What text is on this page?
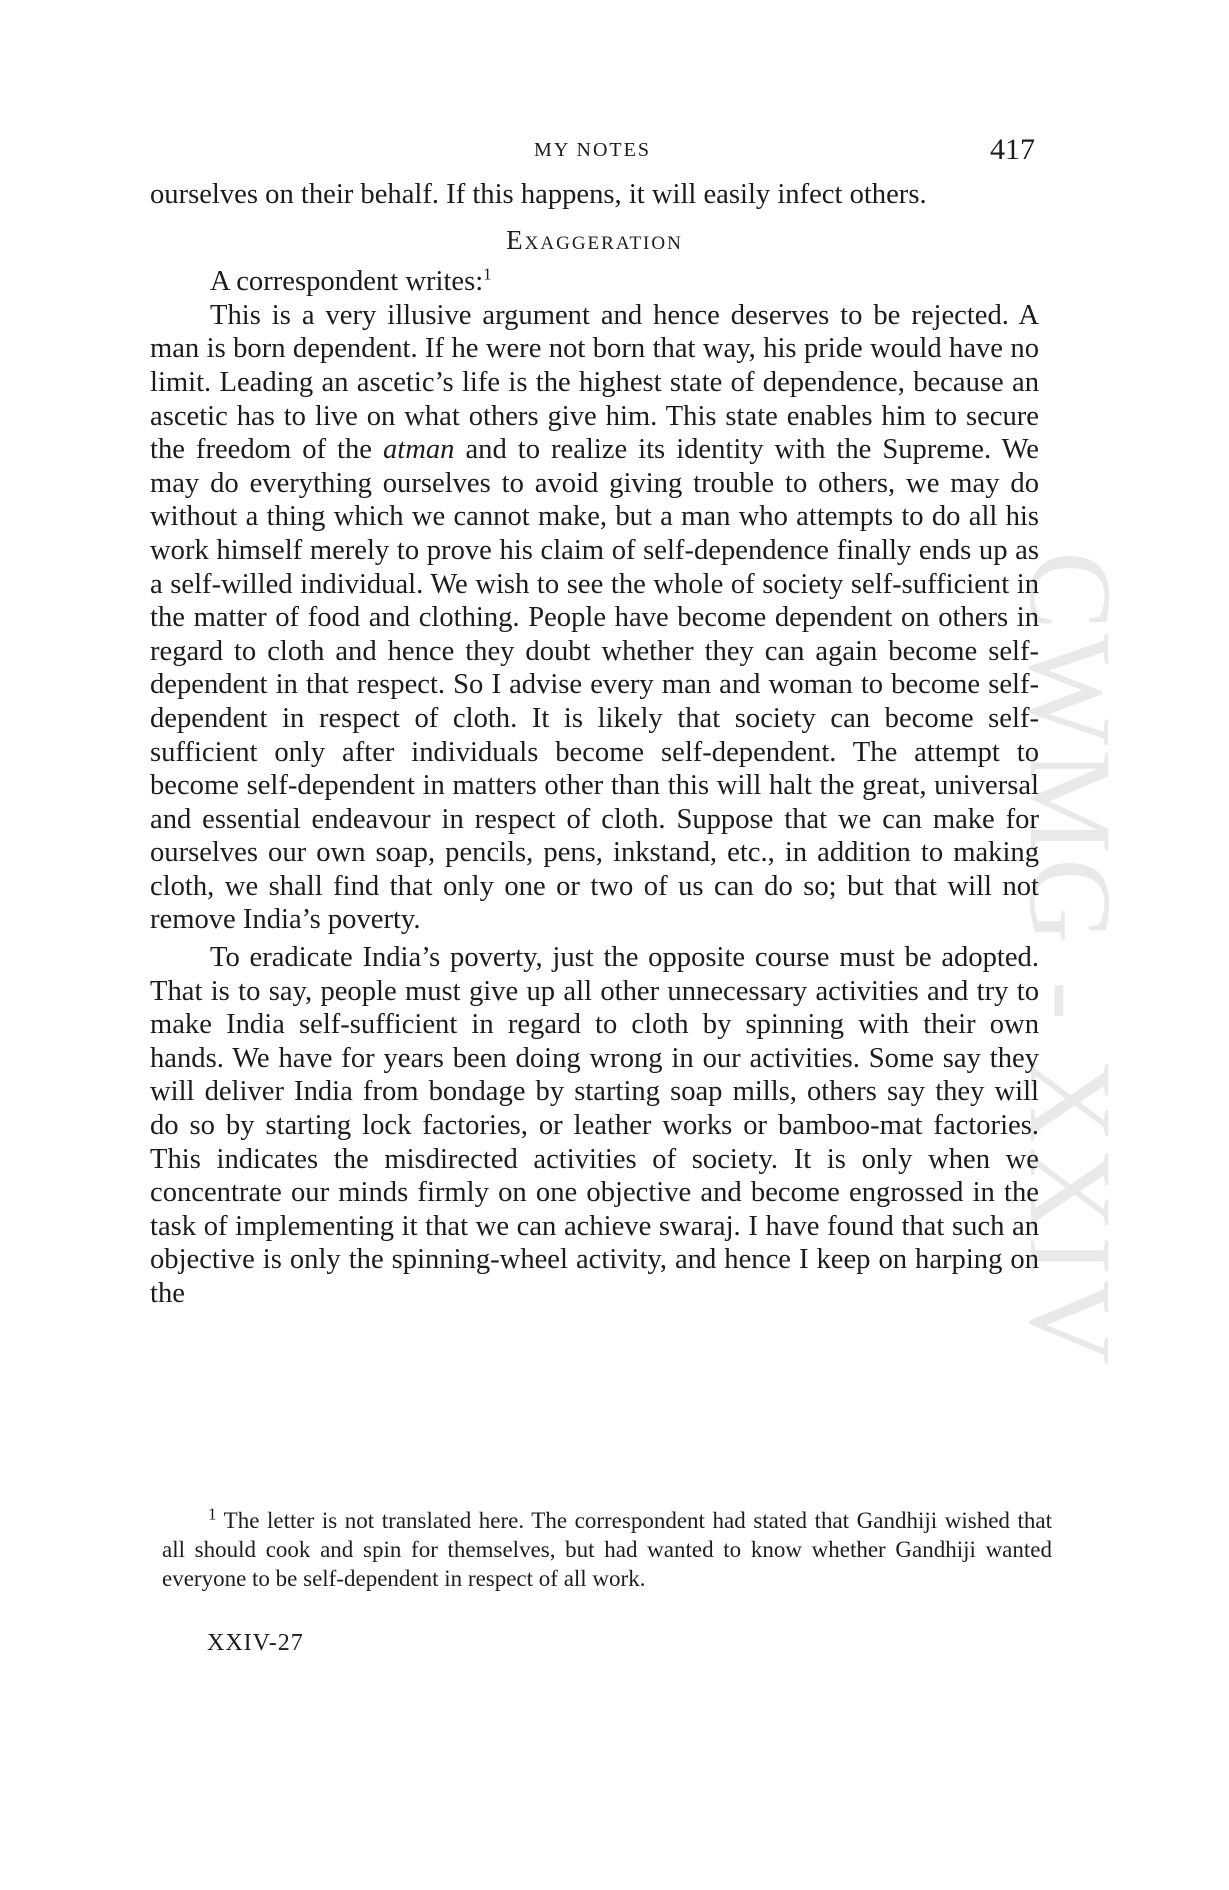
CWMG - XXIV
MY NOTES	417

ourselves on their behalf. If this happens, it will easily infect others.

Exaggeration

A correspondent writes:$^1$

This is a very illusive argument and hence deserves to be rejected. A man is born dependent. If he were not born that way, his pride would have no limit. Leading an ascetic’s life is the highest state of dependence, because an ascetic has to live on what others give him. This state enables him to secure the freedom of the atman and to realize its identity with the Supreme. We may do everything ourselves to avoid giving trouble to others, we may do without a thing which we cannot make, but a man who attempts to do all his work himself merely to prove his claim of self-dependence finally ends up as a self-willed individual. We wish to see the whole of society self-sufficient in the matter of food and clothing. People have become dependent on others in regard to cloth and hence they doubt whether they can again become self-dependent in that respect. So I advise every man and woman to become self-dependent in respect of cloth. It is likely that society can become self-sufficient only after individuals become self-dependent. The attempt to become self-dependent in matters other than this will halt the great, universal and essential endeavour in respect of cloth. Suppose that we can make for ourselves our own soap, pencils, pens, inkstand, etc., in addition to making cloth, we shall find that only one or two of us can do so; but that will not remove India’s poverty.

To eradicate India’s poverty, just the opposite course must be adopted. That is to say, people must give up all other unnecessary activities and try to make India self-sufficient in regard to cloth by spinning with their own hands. We have for years been doing wrong in our activities. Some say they will deliver India from bondage by starting soap mills, others say they will do so by starting lock factories, or leather works or bamboo-mat factories. This indicates the misdirected activities of society. It is only when we concentrate our minds firmly on one objective and become engrossed in the task of implementing it that we can achieve swaraj. I have found that such an objective is only the spinning-wheel activity, and hence I keep on harping on the

$^1$ The letter is not translated here. The correspondent had stated that Gandhiji wished that all should cook and spin for themselves, but had wanted to know whether Gandhiji wanted everyone to be self-dependent in respect of all work.

XXIV-27
